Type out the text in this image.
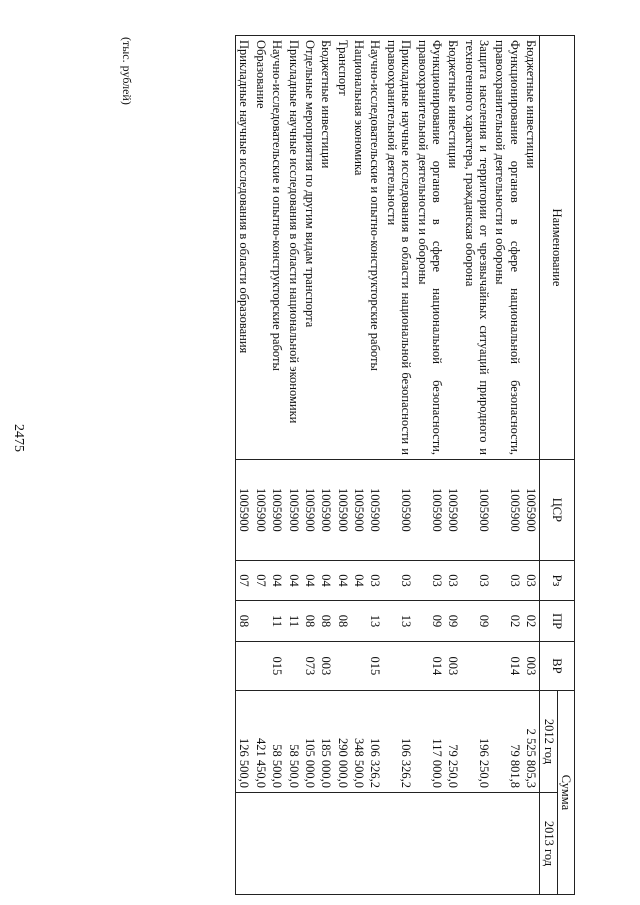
2475
(тыс. рублей)
Наименование	ЦСР	Рз	ПР	ВР	Сумма	
					2012 год	2013 год
Бюджетные инвестиции	1005900	03	02	003	2 525 805,3	
Функционирование органов в сфере национальной безопасности, правоохранительной деятельности и обороны	1005900	03	02	014	79 801,8	
Защита населения и территории от чрезвычайных ситуаций природного и техногенного характера, гражданская оборона	1005900	03	09		196 250,0	
Бюджетные инвестиции	1005900	03	09	003	79 250,0	
Функционирование органов в сфере национальной безопасности, правоохранительной деятельности и обороны	1005900	03	09	014	117 000,0	
Прикладные научные исследования в области национальной безопасности и правоохранительной деятельности	1005900	03	13		106 326,2	
Научно-исследовательские и опытно-конструкторские работы	1005900	03	13	015	106 326,2	
Национальная экономика	1005900	04			348 500,0	
Транспорт	1005900	04	08		290 000,0	
Бюджетные инвестиции	1005900	04	08	003	185 000,0	
Отдельные мероприятия по другим видам транспорта	1005900	04	08	073	105 000,0	
Прикладные научные исследования в области национальной экономики	1005900	04	11		58 500,0	
Научно-исследовательские и опытно-конструкторские работы	1005900	04	11	015	58 500,0	
Образование	1005900	07			421 450,0	
Прикладные научные исследования в области образования	1005900	07	08		126 500,0	
